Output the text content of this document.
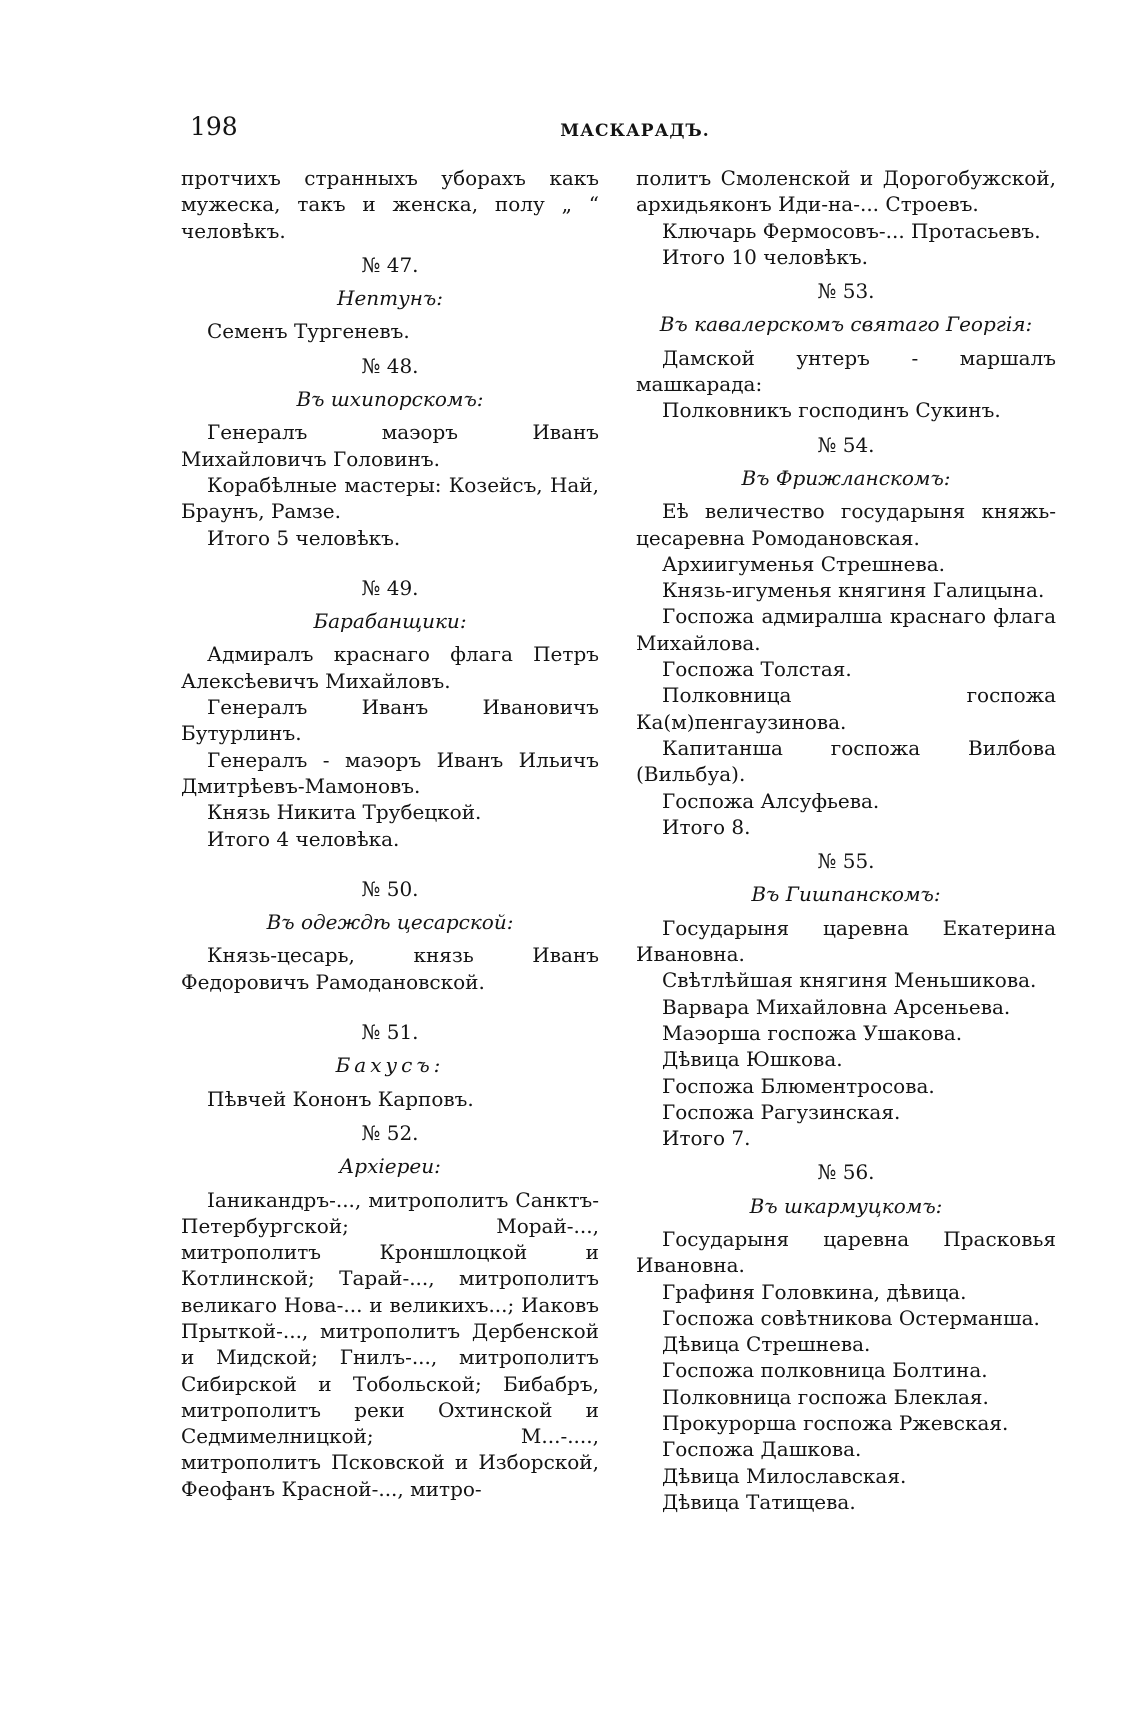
198	МАСКАРАДЪ.

протчихъ странныхъ уборахъ какъ мужеска, такъ и женска, полу „ “ человѣкъ.

№ 47.
Нептунъ:

Семенъ Тургеневъ.

№ 48.
Въ шхипорскомъ:

Генералъ маэоръ Иванъ Михайловичъ Головинъ.

Корабѣлные мастеры: Козейсъ, Най, Браунъ, Рамзе.

Итого 5 человѣкъ.

№ 49.
Барабанщики:

Адмиралъ краснаго флага Петръ Алексѣевичъ Михайловъ.

Генералъ Иванъ Ивановичъ Бутурлинъ.

Генералъ - маэоръ Иванъ Ильичъ Дмитрѣевъ-Мамоновъ.

Князь Никита Трубецкой.

Итого 4 человѣка.

№ 50.
Въ одеждѣ цесарской:

Князь-цесарь, князь Иванъ Федоровичъ Рамодановской.

№ 51.
Бахусъ:

Пѣвчей Кононъ Карповъ.

№ 52.
Архіереи:

Іаникандръ-..., митрополитъ Санктъ-Петербургской; Морай-..., митрополитъ Кроншлоцкой и Котлинской; Тарай-..., митрополитъ великаго Нова-... и великихъ...; Иаковъ Прыткой-..., митрополитъ Дербенской и Мидской; Гнилъ-..., митрополитъ Сибирской и Тобольской; Бибабръ, митрополитъ реки Охтинской и Седмимелницкой; М...-...., митрополитъ Псковской и Изборской, Феофанъ Красной-..., митро-

политъ Смоленской и Дорогобужской, архидьяконъ Иди-на-... Строевъ.

Ключарь Фермосовъ-... Протасьевъ.

Итого 10 человѣкъ.

№ 53.
Въ кавалерскомъ святаго Георгія:

Дамской унтеръ - маршалъ машкарада:

Полковникъ господинъ Сукинъ.

№ 54.
Въ Фрижланскомъ:

Еѣ величество государыня княжь-цесаревна Ромодановская.

Архиигуменья Стрешнева.

Князь-игуменья княгиня Галицына.

Госпожа адмиралша краснаго флага Михайлова.

Госпожа Толстая.

Полковница госпожа Ка(м)пенгаузинова.

Капитанша госпожа Вилбова (Вильбуа).

Госпожа Алсуфьева.

Итого 8.

№ 55.
Въ Гишпанскомъ:

Государыня царевна Екатерина Ивановна.

Свѣтлѣйшая княгиня Меньшикова.

Варвара Михайловна Арсеньева.

Маэорша госпожа Ушакова.

Дѣвица Юшкова.

Госпожа Блюментросова.

Госпожа Рагузинская.

Итого 7.

№ 56.
Въ шкармуцкомъ:

Государыня царевна Прасковья Ивановна.

Графиня Головкина, дѣвица.

Госпожа совѣтникова Остерманша.

Дѣвица Стрешнева.

Госпожа полковница Болтина.

Полковница госпожа Блеклая.

Прокурорша госпожа Ржевская.

Госпожа Дашкова.

Дѣвица Милославская.

Дѣвица Татищева.
